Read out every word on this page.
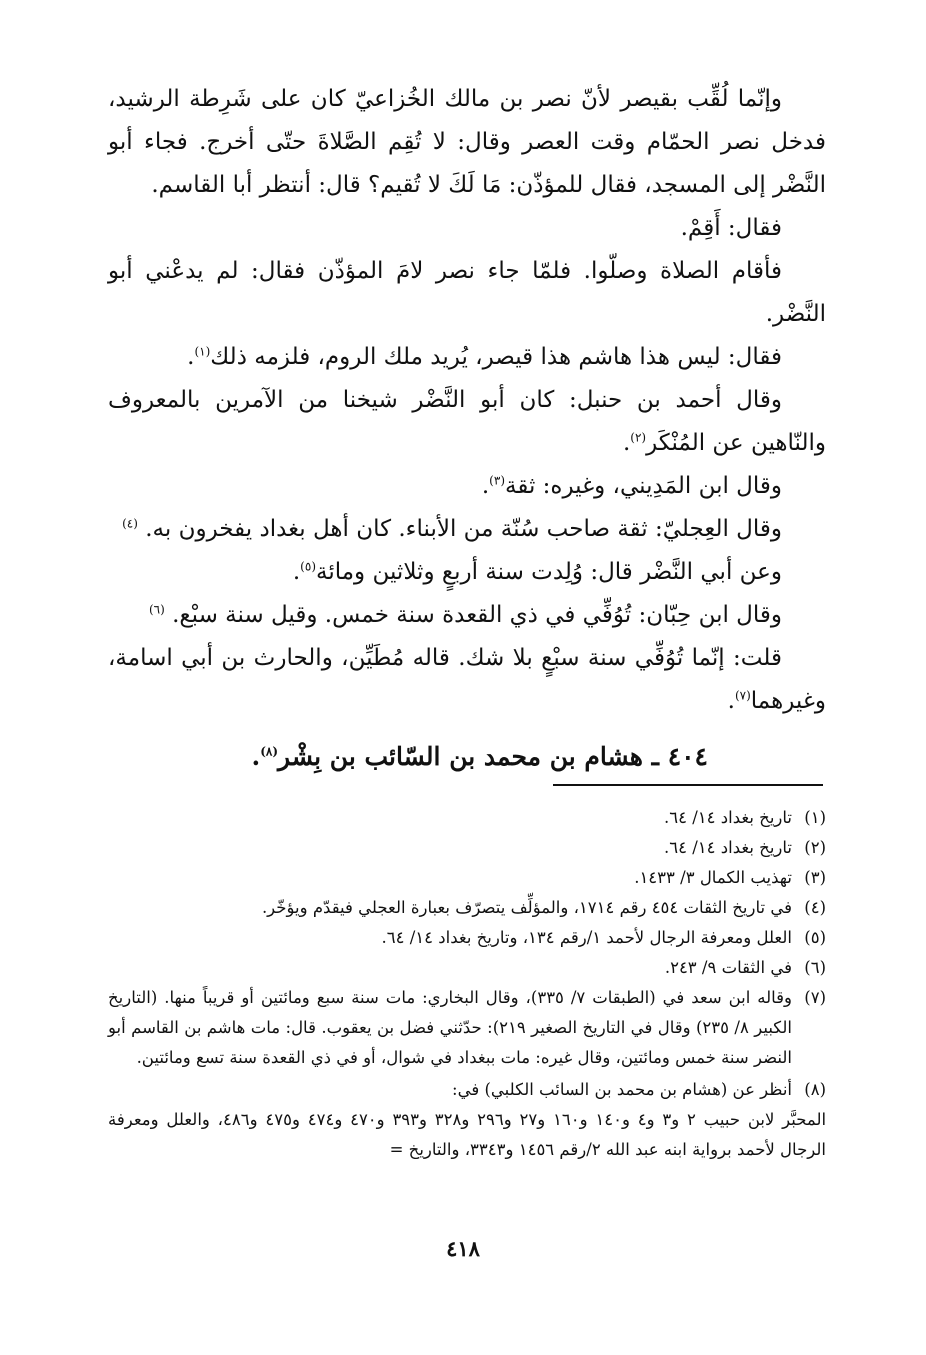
وإنّما لُقِّب بقيصر لأنّ نصر بن مالك الخُزاعيّ كان على شَرِطة الرشيد، فدخل نصر الحمّام وقت العصر وقال: لا تُقِم الصَّلاةَ حتّى أخرج. فجاء أبو النَّضْر إلى المسجد، فقال للمؤذّن: مَا لَكَ لا تُقيم؟ قال: أنتظر أبا القاسم.

فقال: أَقِمْ.

فأقام الصلاة وصلّوا. فلمّا جاء نصر لامَ المؤذّن فقال: لم يدعْني أبو النَّضْر.

فقال: ليس هذا هاشم هذا قيصر، يُريد ملك الروم، فلزمه ذلك$^{(١)}$.

وقال أحمد بن حنبل: كان أبو النَّضْر شيخنا من الآمرين بالمعروف والنّاهين عن المُنْكَر$^{(٢)}$.

وقال ابن المَدِيني، وغيره: ثقة$^{(٣)}$.

وقال العِجليّ: ثقة صاحب سُنّة من الأبناء. كان أهل بغداد يفخرون به. $^{(٤)}$

وعن أبي النَّضْر قال: وُلِدت سنة أربعٍ وثلاثين ومائة$^{(٥)}$.

وقال ابن حِبّان: تُوُفِّي في ذي القعدة سنة خمس. وقيل سنة سبْع. $^{(٦)}$

قلت: إنّما تُوُفِّي سنة سبْعٍ بلا شك. قاله مُطَيِّن، والحارث بن أبي اسامة، وغيرهما$^{(٧)}$.

٤٠٤ ـ هشام بن محمد بن السّائب بن بِشْر$^{(٨)}$.
(١)
تاريخ بغداد ١٤/ ٦٤.
(٢)
تاريخ بغداد ١٤/ ٦٤.
(٣)
تهذيب الكمال ٣/ ١٤٣٣.
(٤)
في تاريخ الثقات ٤٥٤ رقم ١٧١٤، والمؤلِّف يتصرّف بعبارة العجلي فيقدّم ويؤخّر.
(٥)
العلل ومعرفة الرجال لأحمد ١/رقم ١٣٤، وتاريخ بغداد ١٤/ ٦٤.
(٦)
في الثقات ٩/ ٢٤٣.
(٧)
وقاله ابن سعد في (الطبقات ٧/ ٣٣٥)، وقال البخاري: مات سنة سبع ومائتين أو قريباً منها. (التاريخ الكبير ٨/ ٢٣٥) وقال في التاريخ الصغير ٢١٩): حدّثني فضل بن يعقوب. قال: مات هاشم بن القاسم أبو النضر سنة خمس ومائتين، وقال غيره: مات ببغداد في شوال، أو في ذي القعدة سنة تسع ومائتين.
(٨)
أنظر عن (هشام بن محمد بن السائب الكلبي) في:
المحبَّر لابن حبيب ٢ و٣ و٤ و١٤٠ و١٦٠ و٢٧ و٢٩٦ و٣٢٨ و٣٩٣ و٤٧٠ و٤٧٤ و٤٧٥ و٤٨٦، والعلل ومعرفة الرجال لأحمد برواية ابنه عبد الله ٢/رقم ١٤٥٦ و٣٣٤٣، والتاريخ =
٤١٨
